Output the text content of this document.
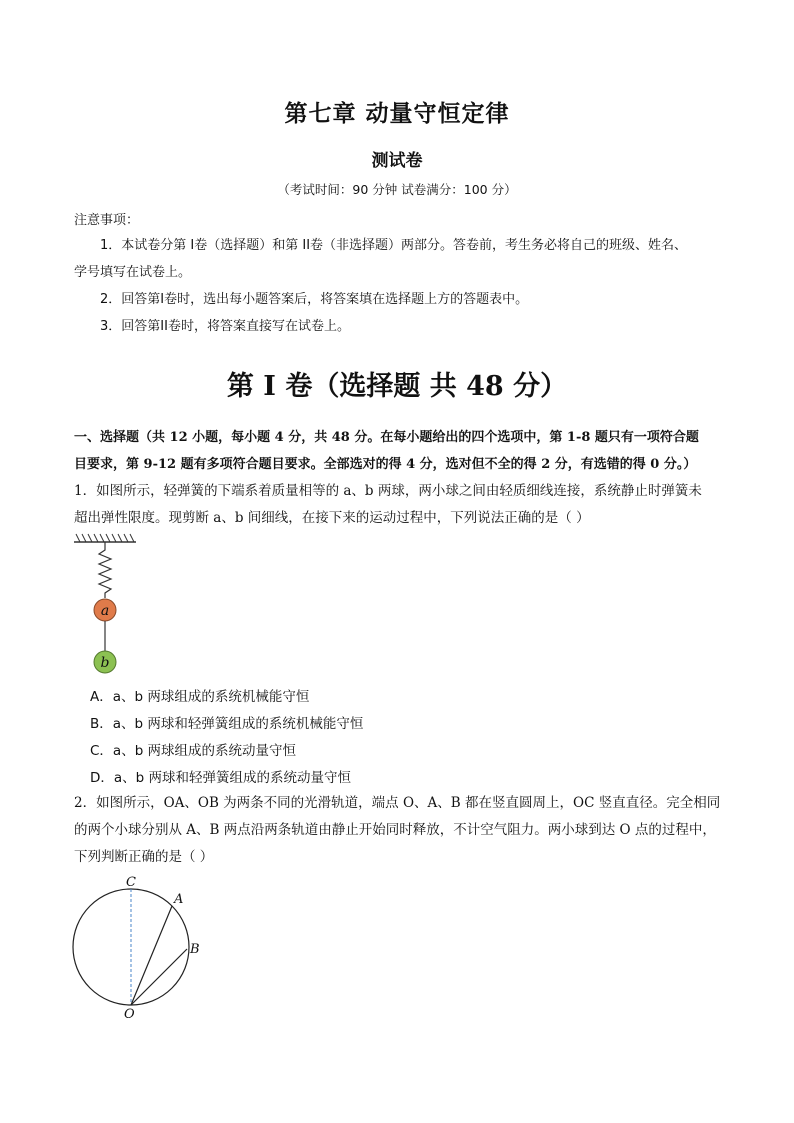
第七章 动量守恒定律
测试卷
（考试时间：90 分钟 试卷满分：100 分）
注意事项：
1．本试卷分第 I卷（选择题）和第 II卷（非选择题）两部分。答卷前，考生务必将自己的班级、姓名、
学号填写在试卷上。
2．回答第I卷时，选出每小题答案后，将答案填在选择题上方的答题表中。
3．回答第II卷时，将答案直接写在试卷上。
第 I 卷（选择题 共 48 分）
一、选择题（共 12 小题，每小题 4 分，共 48 分。在每小题给出的四个选项中，第 1-8 题只有一项符合题
目要求，第 9-12 题有多项符合题目要求。全部选对的得 4 分，选对但不全的得 2 分，有选错的得 0 分。）
1．如图所示，轻弹簧的下端系着质量相等的 a、b 两球，两小球之间由轻质细线连接，系统静止时弹簧未
超出弹性限度。现剪断 a、b 间细线，在接下来的运动过程中，下列说法正确的是（ ）
a
b
A．a、b 两球组成的系统机械能守恒
B．a、b 两球和轻弹簧组成的系统机械能守恒
C．a、b 两球组成的系统动量守恒
D．a、b 两球和轻弹簧组成的系统动量守恒
2．如图所示，OA、OB 为两条不同的光滑轨道，端点 O、A、B 都在竖直圆周上，OC 竖直直径。完全相同
的两个小球分别从 A、B 两点沿两条轨道由静止开始同时释放，不计空气阻力。两小球到达 O 点的过程中，
下列判断正确的是（ ）
C
A
B
O
